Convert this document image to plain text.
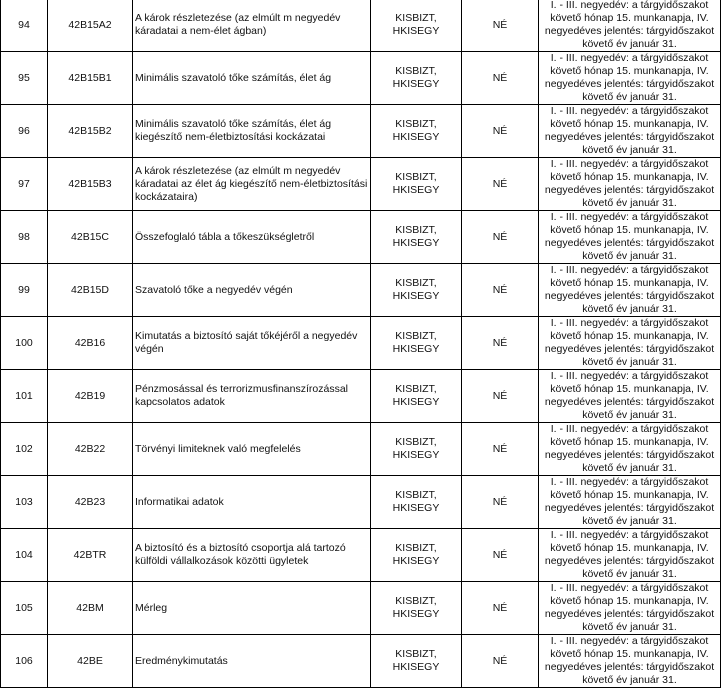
94	42B15A2	A károk részletezése (az elmúlt m negyedév káradatai a nem-élet ágban)	KISBIZT, HKISEGY	NÉ	I. - III. negyedév: a tárgyidőszakot követő hónap 15. munkanapja, IV. negyedéves jelentés: tárgyidőszakot követő év január 31.
95	42B15B1	Minimális szavatoló tőke számítás, élet ág	KISBIZT, HKISEGY	NÉ	I. - III. negyedév: a tárgyidőszakot követő hónap 15. munkanapja, IV. negyedéves jelentés: tárgyidőszakot követő év január 31.
96	42B15B2	Minimális szavatoló tőke számítás, élet ág kiegészítő nem-életbiztosítási kockázatai	KISBIZT, HKISEGY	NÉ	I. - III. negyedév: a tárgyidőszakot követő hónap 15. munkanapja, IV. negyedéves jelentés: tárgyidőszakot követő év január 31.
97	42B15B3	A károk részletezése (az elmúlt m negyedév káradatai az élet ág kiegészítő nem-életbiztosítási kockázataira)	KISBIZT, HKISEGY	NÉ	I. - III. negyedév: a tárgyidőszakot követő hónap 15. munkanapja, IV. negyedéves jelentés: tárgyidőszakot követő év január 31.
98	42B15C	Összefoglaló tábla a tőkeszükségletről	KISBIZT, HKISEGY	NÉ	I. - III. negyedév: a tárgyidőszakot követő hónap 15. munkanapja, IV. negyedéves jelentés: tárgyidőszakot követő év január 31.
99	42B15D	Szavatoló tőke a negyedév végén	KISBIZT, HKISEGY	NÉ	I. - III. negyedév: a tárgyidőszakot követő hónap 15. munkanapja, IV. negyedéves jelentés: tárgyidőszakot követő év január 31.
100	42B16	Kimutatás a biztosító saját tőkéjéről a negyedév végén	KISBIZT, HKISEGY	NÉ	I. - III. negyedév: a tárgyidőszakot követő hónap 15. munkanapja, IV. negyedéves jelentés: tárgyidőszakot követő év január 31.
101	42B19	Pénzmosással és terrorizmusfinanszírozással kapcsolatos adatok	KISBIZT, HKISEGY	NÉ	I. - III. negyedév: a tárgyidőszakot követő hónap 15. munkanapja, IV. negyedéves jelentés: tárgyidőszakot követő év január 31.
102	42B22	Törvényi limiteknek való megfelelés	KISBIZT, HKISEGY	NÉ	I. - III. negyedév: a tárgyidőszakot követő hónap 15. munkanapja, IV. negyedéves jelentés: tárgyidőszakot követő év január 31.
103	42B23	Informatikai adatok	KISBIZT, HKISEGY	NÉ	I. - III. negyedév: a tárgyidőszakot követő hónap 15. munkanapja, IV. negyedéves jelentés: tárgyidőszakot követő év január 31.
104	42BTR	A biztosító és a biztosító csoportja alá tartozó külföldi vállalkozások közötti ügyletek	KISBIZT, HKISEGY	NÉ	I. - III. negyedév: a tárgyidőszakot követő hónap 15. munkanapja, IV. negyedéves jelentés: tárgyidőszakot követő év január 31.
105	42BM	Mérleg	KISBIZT, HKISEGY	NÉ	I. - III. negyedév: a tárgyidőszakot követő hónap 15. munkanapja, IV. negyedéves jelentés: tárgyidőszakot követő év január 31.
106	42BE	Eredménykimutatás	KISBIZT, HKISEGY	NÉ	I. - III. negyedév: a tárgyidőszakot követő hónap 15. munkanapja, IV. negyedéves jelentés: tárgyidőszakot követő év január 31.
